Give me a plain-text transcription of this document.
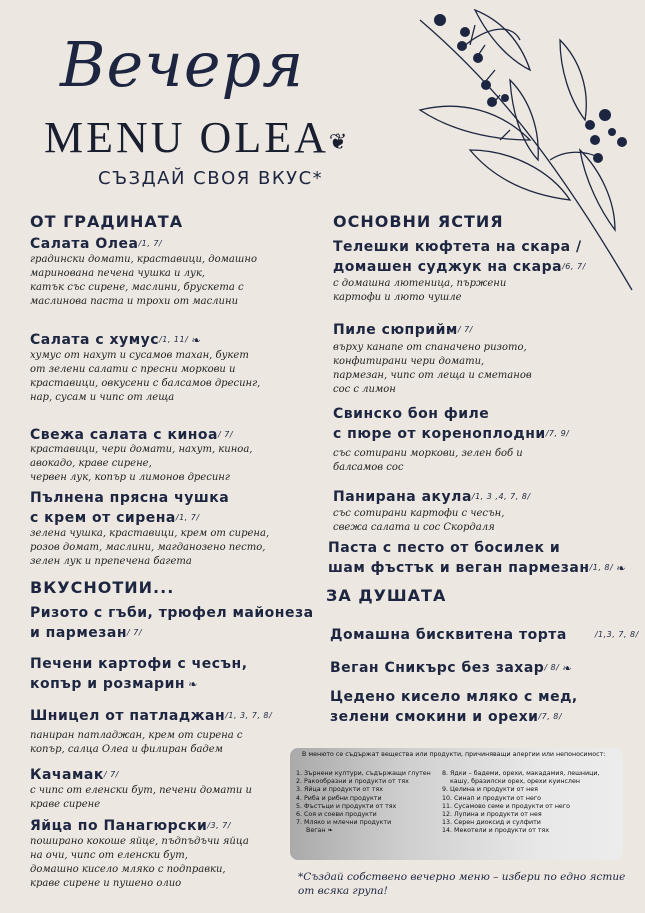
Вечеря
MENU OLEA❦
СЪЗДАЙ СВОЯ ВКУС*
ОТ ГРАДИНАТА
Салата Олеа$^{/1, 7/}$
градински домати, краставици, домашно
маринована печена чушка и лук,
катък със сирене, маслини, брускета с
маслинова паста и трохи от маслини
Салата с хумус$^{/1, 11/}$ ❧
хумус от нахут и сусамов тахан, букет
от зелени салати с пресни моркови и
краставици, овкусени с балсамов дресинг,
нар, сусам и чипс от леща
Свежа салата с киноа$^{/ 7/}$
краставици, чери домати, нахут, киноа,
авокадо, краве сирене,
червен лук, копър и лимонов дресинг
Пълнена прясна чушка
с крем от сирена$^{/1, 7/}$
зелена чушка, краставици, крем от сирена,
розов домат, маслини, магданозено песто,
зелен лук и препечена багета
ВКУСНОТИИ...
Ризото с гъби, трюфел майонеза
и пармезан$^{/ 7/}$
Печени картофи с чесън,
копър и розмарин ❧
Шницел от патладжан$^{/1, 3, 7, 8/}$
паниран патладжан, крем от сирена с
копър, салца Олеа и филиран бадем
Качамак$^{/ 7/}$
с чипс от еленски бут, печени домати и
краве сирене
Яйца по Панагюрски$^{/3, 7/}$
поширано кокоше яйце, пъдпъдъчи яйца
на очи, чипс от еленски бут,
домашно кисело мляко с подправки,
краве сирене и пушено олио
ОСНОВНИ ЯСТИЯ
Телешки кюфтета на скара /
домашен суджук на скара$^{/6, 7/}$
с домашна лютеница, пържени
картофи и люто чушле
Пиле сюприйм$^{/ 7/}$
върху канапе от спаначено ризото,
конфитирани чери домати,
пармезан, чипс от леща и сметанов
сос с лимон
Свинско бон филе
с пюре от кореноплодни$^{/7, 9/}$
със сотирани моркови, зелен боб и
балсамов сос
Панирана акула$^{/1, 3 ,4, 7, 8/}$
със сотирани картофи с чесън,
свежа салата и сос Скордаля
Паста с песто от босилек и
шам фъстък и веган пармезан$^{/1, 8/}$ ❧
ЗА ДУШАТА
Домашна бисквитена торта	$^{/1,3, 7, 8/}$
Веган Сникърс без захар$^{/ 8/}$ ❧
Цедено кисело мляко с мед,
зелени смокини и орехи$^{/7, 8/}$
В менюто се съдържат вещества или продукти, причиняващи алергии или непоносимост:
1. Зърнени култури, съдържащи глутен
2. Ракообразни и продукти от тях
3. Яйца и продукти от тях
4. Риба и рибни продукти
5. Фъстъци и продукти от тях
6. Соя и соеви продукти
7. Мляко и млечни продукти
Веган ❧
8. Ядки – бадеми, орехи, макадамия, лешници,
кашу, бразилски орех, орехи куинслен
9. Целина и продукти от нея
10. Синап и продукти от него
11. Сусамово семе и продукти от него
12. Лупина и продукти от нея
13. Серен диоксид и сулфити
14. Мекотели и продукти от тях
*Създай собствено вечерно меню – избери по едно ястие от всяка група!
